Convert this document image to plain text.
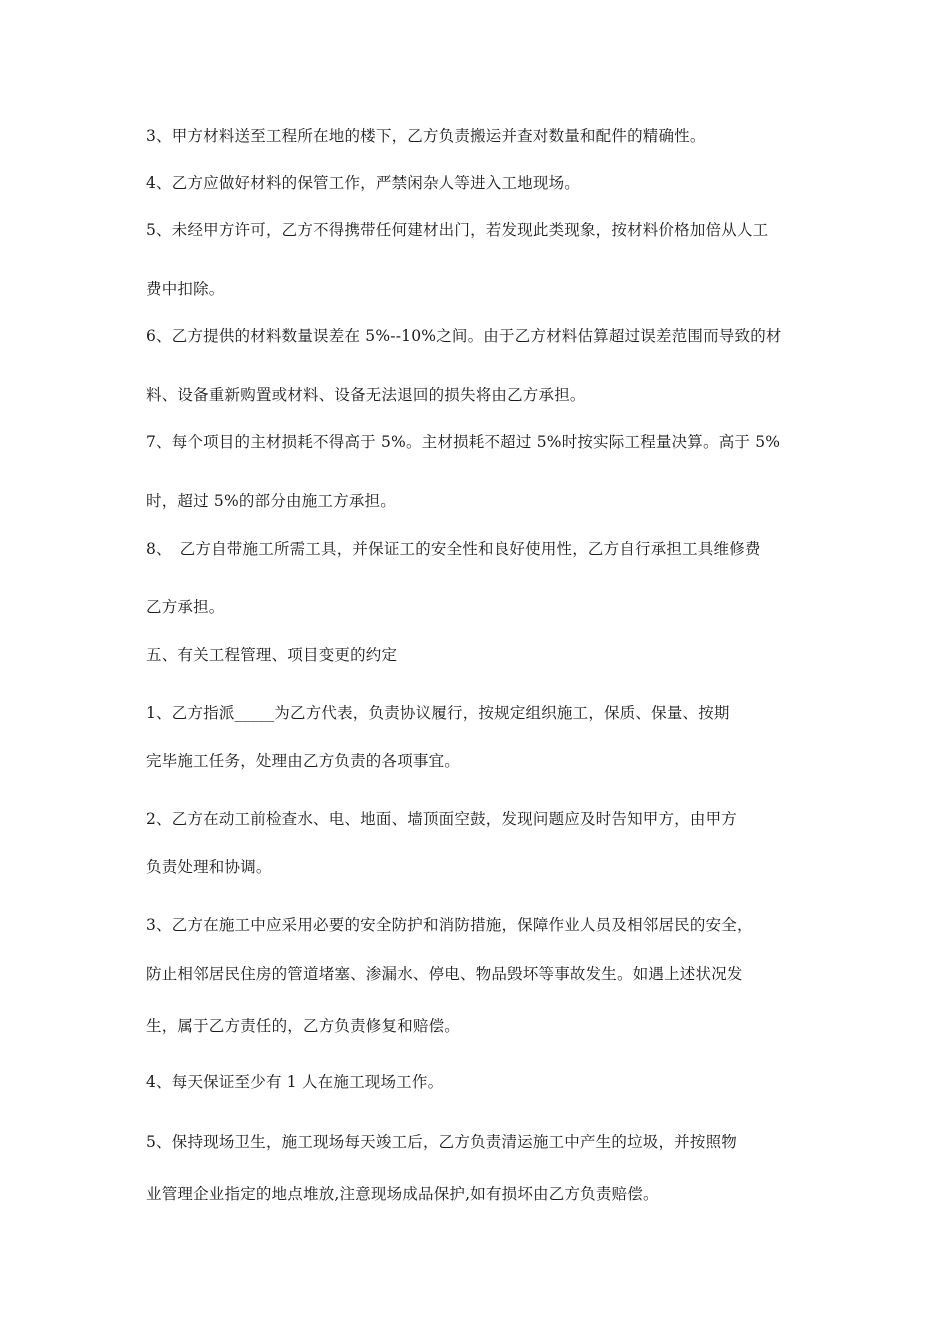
3、甲方材料送至工程所在地的楼下，乙方负责搬运并查对数量和配件的精确性。
4、乙方应做好材料的保管工作，严禁闲杂人等进入工地现场。
5、未经甲方许可，乙方不得携带任何建材出门，若发现此类现象，按材料价格加倍从人工
费中扣除。
6、乙方提供的材料数量误差在 5%--10%之间。由于乙方材料估算超过误差范围而导致的材
料、设备重新购置或材料、设备无法退回的损失将由乙方承担。
7、每个项目的主材损耗不得高于 5%。主材损耗不超过 5%时按实际工程量决算。高于 5%
时，超过 5%的部分由施工方承担。
8、　乙方自带施工所需工具，并保证工的安全性和良好使用性，乙方自行承担工具维修费
乙方承担。
五、有关工程管理、项目变更的约定
1、乙方指派_____为乙方代表，负责协议履行，按规定组织施工，保质、保量、按期
完毕施工任务，处理由乙方负责的各项事宜。
2、乙方在动工前检查水、电、地面、墙顶面空鼓，发现问题应及时告知甲方，由甲方
负责处理和协调。
3、乙方在施工中应采用必要的安全防护和消防措施，保障作业人员及相邻居民的安全，
防止相邻居民住房的管道堵塞、渗漏水、停电、物品毁坏等事故发生。如遇上述状况发
生，属于乙方责任的，乙方负责修复和赔偿。
4、每天保证至少有 1 人在施工现场工作。
5、保持现场卫生，施工现场每天竣工后，乙方负责清运施工中产生的垃圾，并按照物
业管理企业指定的地点堆放,注意现场成品保护,如有损坏由乙方负责赔偿。
